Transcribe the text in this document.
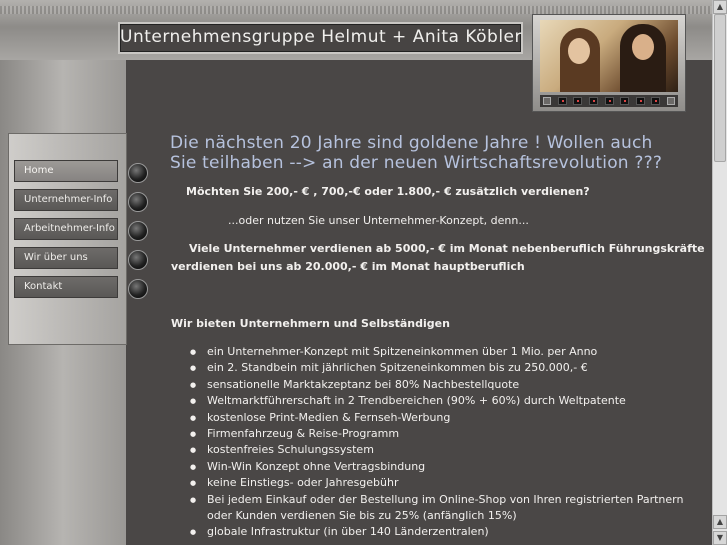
Unternehmensgruppe Helmut + Anita Köbler
Home
Unternehmer-Info
Arbeitnehmer-Info
Wir über uns
Kontakt
Die nächsten 20 Jahre sind goldene Jahre ! Wollen auch
Sie teilhaben --> an der neuen Wirtschaftsrevolution ???
Möchten Sie 200,- € , 700,-€ oder 1.800,- € zusätzlich verdienen?
...oder nutzen Sie unser Unternehmer-Konzept, denn...
Viele Unternehmer verdienen ab 5000,- € im Monat nebenberuflich Führungskräfte
verdienen bei uns ab 20.000,- € im Monat hauptberuflich
Wir bieten Unternehmern und Selbständigen
● ein Unternehmer-Konzept mit Spitzeneinkommen über 1 Mio. per Anno
● ein 2. Standbein mit jährlichen Spitzeneinkommen bis zu 250.000,- €
● sensationelle Marktakzeptanz bei 80% Nachbestellquote
● Weltmarktführerschaft in 2 Trendbereichen (90% + 60%) durch Weltpatente
● kostenlose Print-Medien & Fernseh-Werbung
● Firmenfahrzeug & Reise-Programm
● kostenfreies Schulungssystem
● Win-Win Konzept ohne Vertragsbindung
● keine Einstiegs- oder Jahresgebühr
● Bei jedem Einkauf oder der Bestellung im Online-Shop von Ihren registrierten Partnern oder Kunden verdienen Sie bis zu 25% (anfänglich 15%)
● globale Infrastruktur (in über 140 Länderzentralen)
▲
▲
▼
